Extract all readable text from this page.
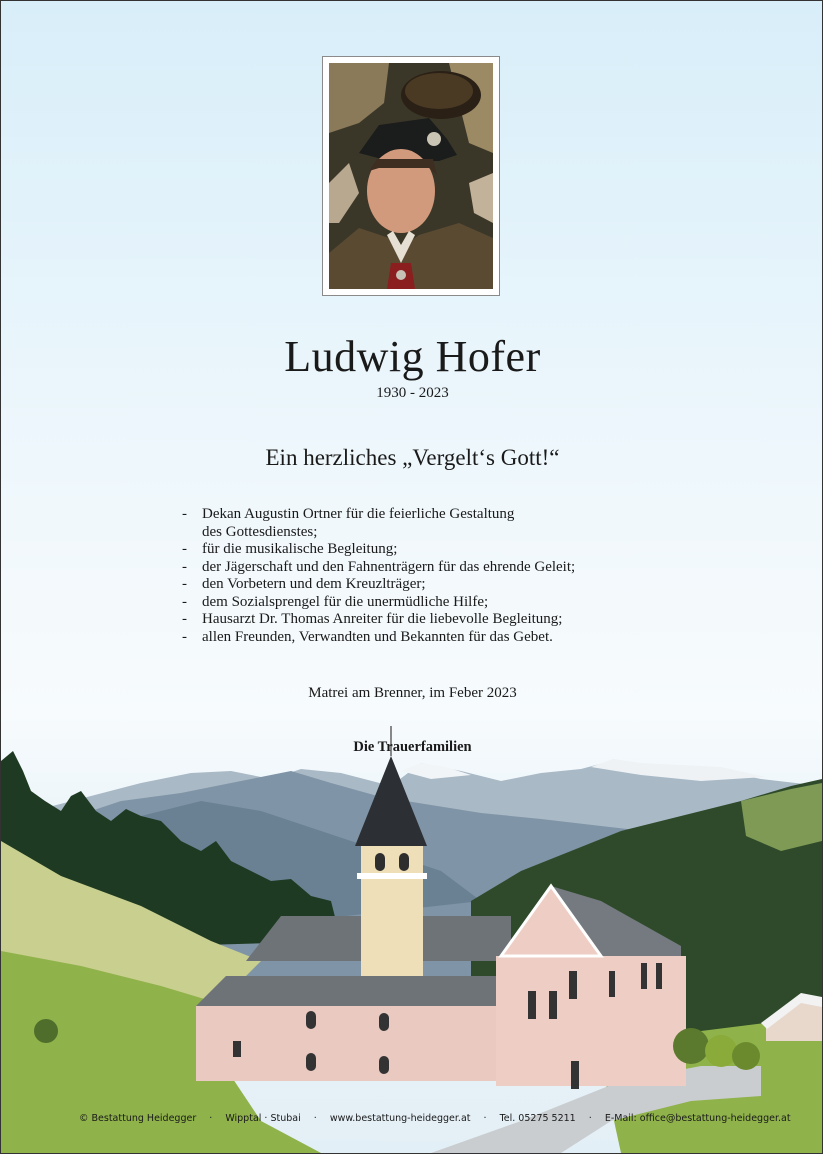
Ludwig Hofer
1930 - 2023
Ein herzliches „Vergelt‘s Gott!“
- Dekan Augustin Ortner für die feierliche Gestaltung
des Gottesdienstes;
- für die musikalische Begleitung;
- der Jägerschaft und den Fahnenträgern für das ehrende Geleit;
- den Vorbetern und dem Kreuzlträger;
- dem Sozialsprengel für die unermüdliche Hilfe;
- Hausarzt Dr. Thomas Anreiter für die liebevolle Begleitung;
- allen Freunden, Verwandten und Bekannten für das Gebet.
Matrei am Brenner, im Feber 2023
Die Trauerfamilien
© Bestattung Heidegger · Wipptal · Stubai · www.bestattung-heidegger.at · Tel. 05275 5211 · E-Mail: office@bestattung-heidegger.at
